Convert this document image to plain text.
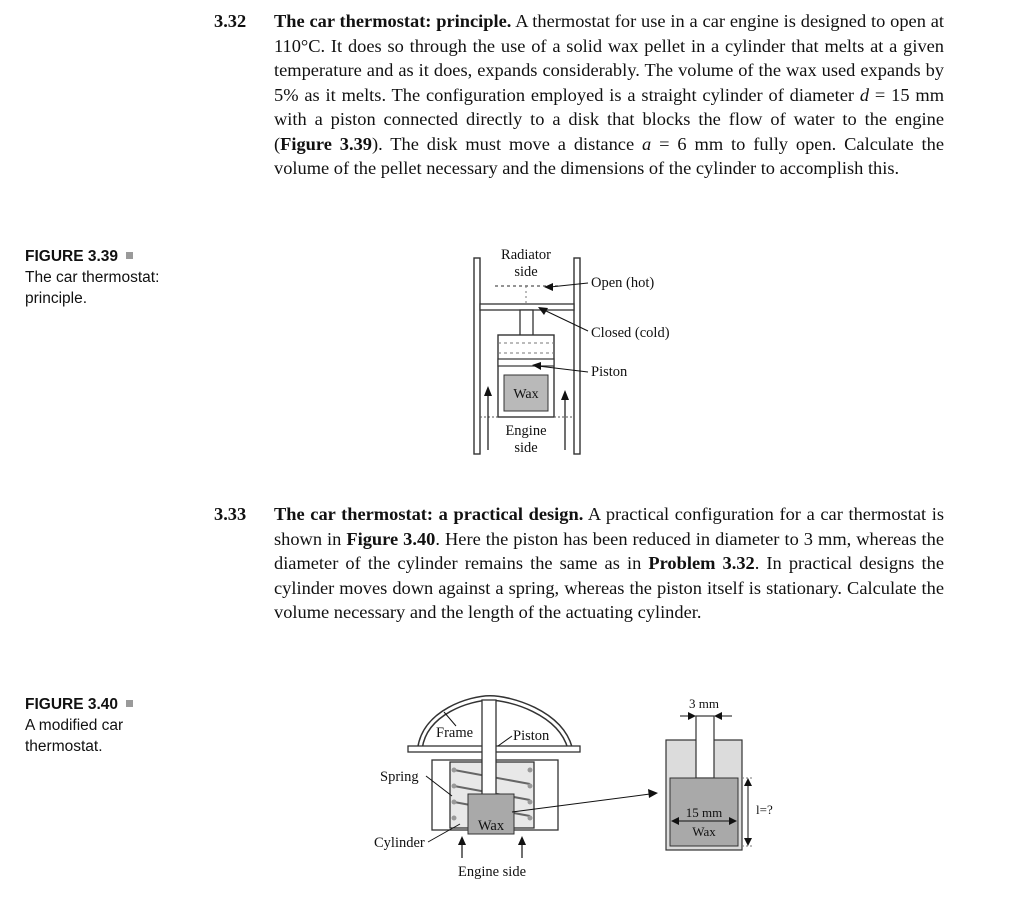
3.32 The car thermostat: principle. A thermostat for use in a car engine is designed to open at 110°C. It does so through the use of a solid wax pellet in a cylinder that melts at a given temperature and as it does, expands considerably. The volume of the wax used expands by 5% as it melts. The configuration employed is a straight cylinder of diameter d = 15 mm with a piston connected directly to a disk that blocks the flow of water to the engine (Figure 3.39). The disk must move a distance a = 6 mm to fully open. Calculate the volume of the pellet necessary and the dimensions of the cylinder to accomplish this.
FIGURE 3.39
The car thermostat: principle.
Wax
Radiator
side
Engine
side
Open (hot)
Closed (cold)
Piston
3.33 The car thermostat: a practical design. A practical configuration for a car thermostat is shown in Figure 3.40. Here the piston has been reduced in diameter to 3 mm, whereas the diameter of the cylinder remains the same as in Problem 3.32. In practical designs the cylinder moves down against a spring, whereas the piston itself is stationary. Calculate the volume necessary and the length of the actuating cylinder.
FIGURE 3.40
A modified car thermostat.
Wax
Frame	Piston
Spring
Cylinder
Engine side
3 mm
15 mm
Wax
l=?
